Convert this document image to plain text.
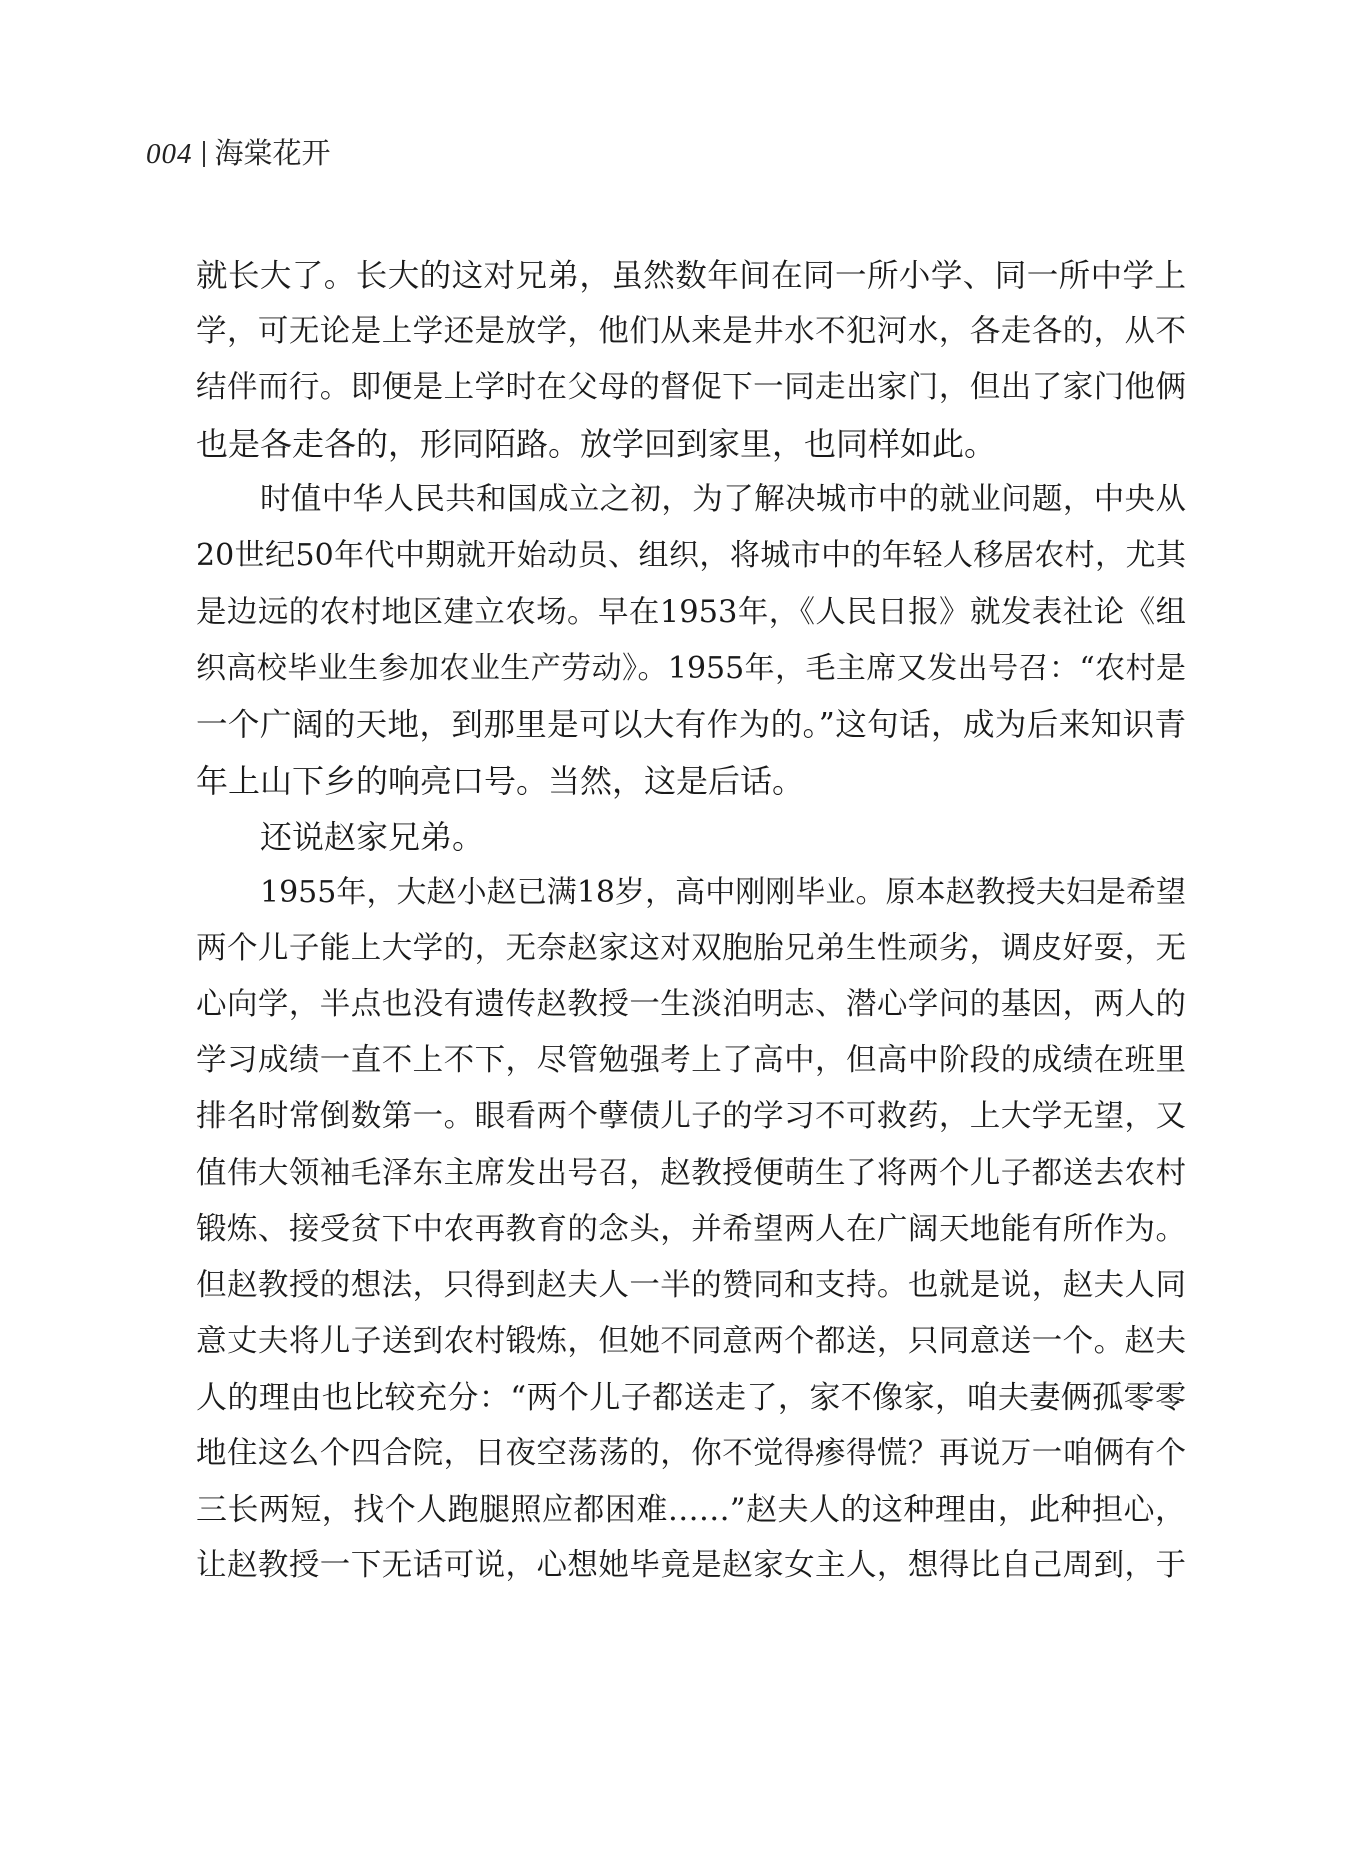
004 海棠花开
就长大了。长大的这对兄弟，虽然数年间在同一所小学、同一所中学上
学，可无论是上学还是放学，他们从来是井水不犯河水，各走各的，从不
结伴而行。即便是上学时在父母的督促下一同走出家门，但出了家门他俩
也是各走各的，形同陌路。放学回到家里，也同样如此。
时值中华人民共和国成立之初，为了解决城市中的就业问题，中央从
20世纪50年代中期就开始动员、组织，将城市中的年轻人移居农村，尤其
是边远的农村地区建立农场。早在1953年，《人民日报》就发表社论《组
织高校毕业生参加农业生产劳动》。1955年，毛主席又发出号召：“农村是
一个广阔的天地，到那里是可以大有作为的。”这句话，成为后来知识青
年上山下乡的响亮口号。当然，这是后话。
还说赵家兄弟。
1955年，大赵小赵已满18岁，高中刚刚毕业。原本赵教授夫妇是希望
两个儿子能上大学的，无奈赵家这对双胞胎兄弟生性顽劣，调皮好耍，无
心向学，半点也没有遗传赵教授一生淡泊明志、潜心学问的基因，两人的
学习成绩一直不上不下，尽管勉强考上了高中，但高中阶段的成绩在班里
排名时常倒数第一。眼看两个孽债儿子的学习不可救药，上大学无望，又
值伟大领袖毛泽东主席发出号召，赵教授便萌生了将两个儿子都送去农村
锻炼、接受贫下中农再教育的念头，并希望两人在广阔天地能有所作为。
但赵教授的想法，只得到赵夫人一半的赞同和支持。也就是说，赵夫人同
意丈夫将儿子送到农村锻炼，但她不同意两个都送，只同意送一个。赵夫
人的理由也比较充分：“两个儿子都送走了，家不像家，咱夫妻俩孤零零
地住这么个四合院，日夜空荡荡的，你不觉得瘆得慌？再说万一咱俩有个
三长两短，找个人跑腿照应都困难……”赵夫人的这种理由，此种担心，
让赵教授一下无话可说，心想她毕竟是赵家女主人，想得比自己周到，于
